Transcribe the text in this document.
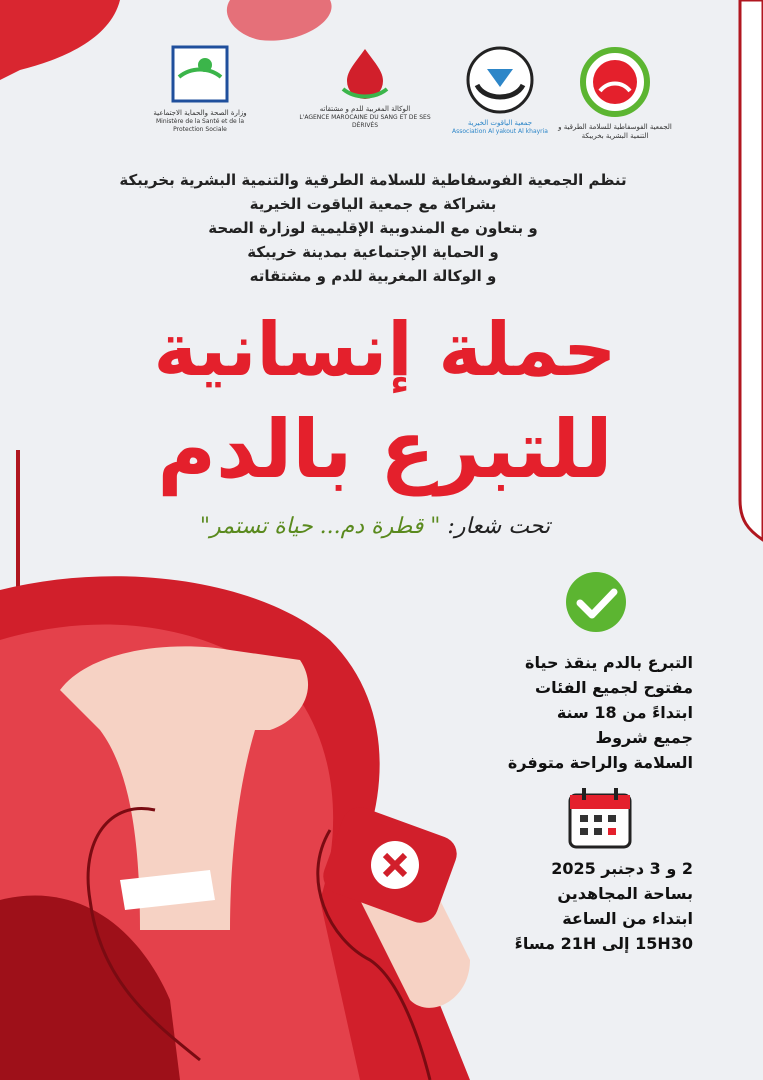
وزارة الصحة والحماية الاجتماعية
Ministère de la Santé et de la Protection Sociale
الوكالة المغربية للدم و مشتقاته
L'AGENCE MAROCAINE DU SANG ET DE SES DÉRIVÉS	جمعية الياقوت الخيرية
Association Al yakout Al khayria
الجمعية الفوسفاطية للسلامة الطرقية و التنمية البشرية بخريبكة
تنظم الجمعية الفوسفاطية للسلامة الطرقية والتنمية البشرية بخريبكة
بشراكة مع جمعية الياقوت الخيرية
و بتعاون مع المندوبية الإقليمية لوزارة الصحة
و الحماية الإجتماعية بمدينة خريبكة
و الوكالة المغربية للدم و مشتقاته
حملة إنسانية
للتبرع بالدم
تحت شعار: " قطرة دم... حياة تستمر"
التبرع بالدم ينقذ حياة
مفتوح لجميع الفئات
ابتداءً من 18 سنة
جميع شروط
السلامة والراحة متوفرة
2 و 3 دجنبر 2025
بساحة المجاهدين
ابتداء من الساعة
15H30 إلى 21H مساءً
